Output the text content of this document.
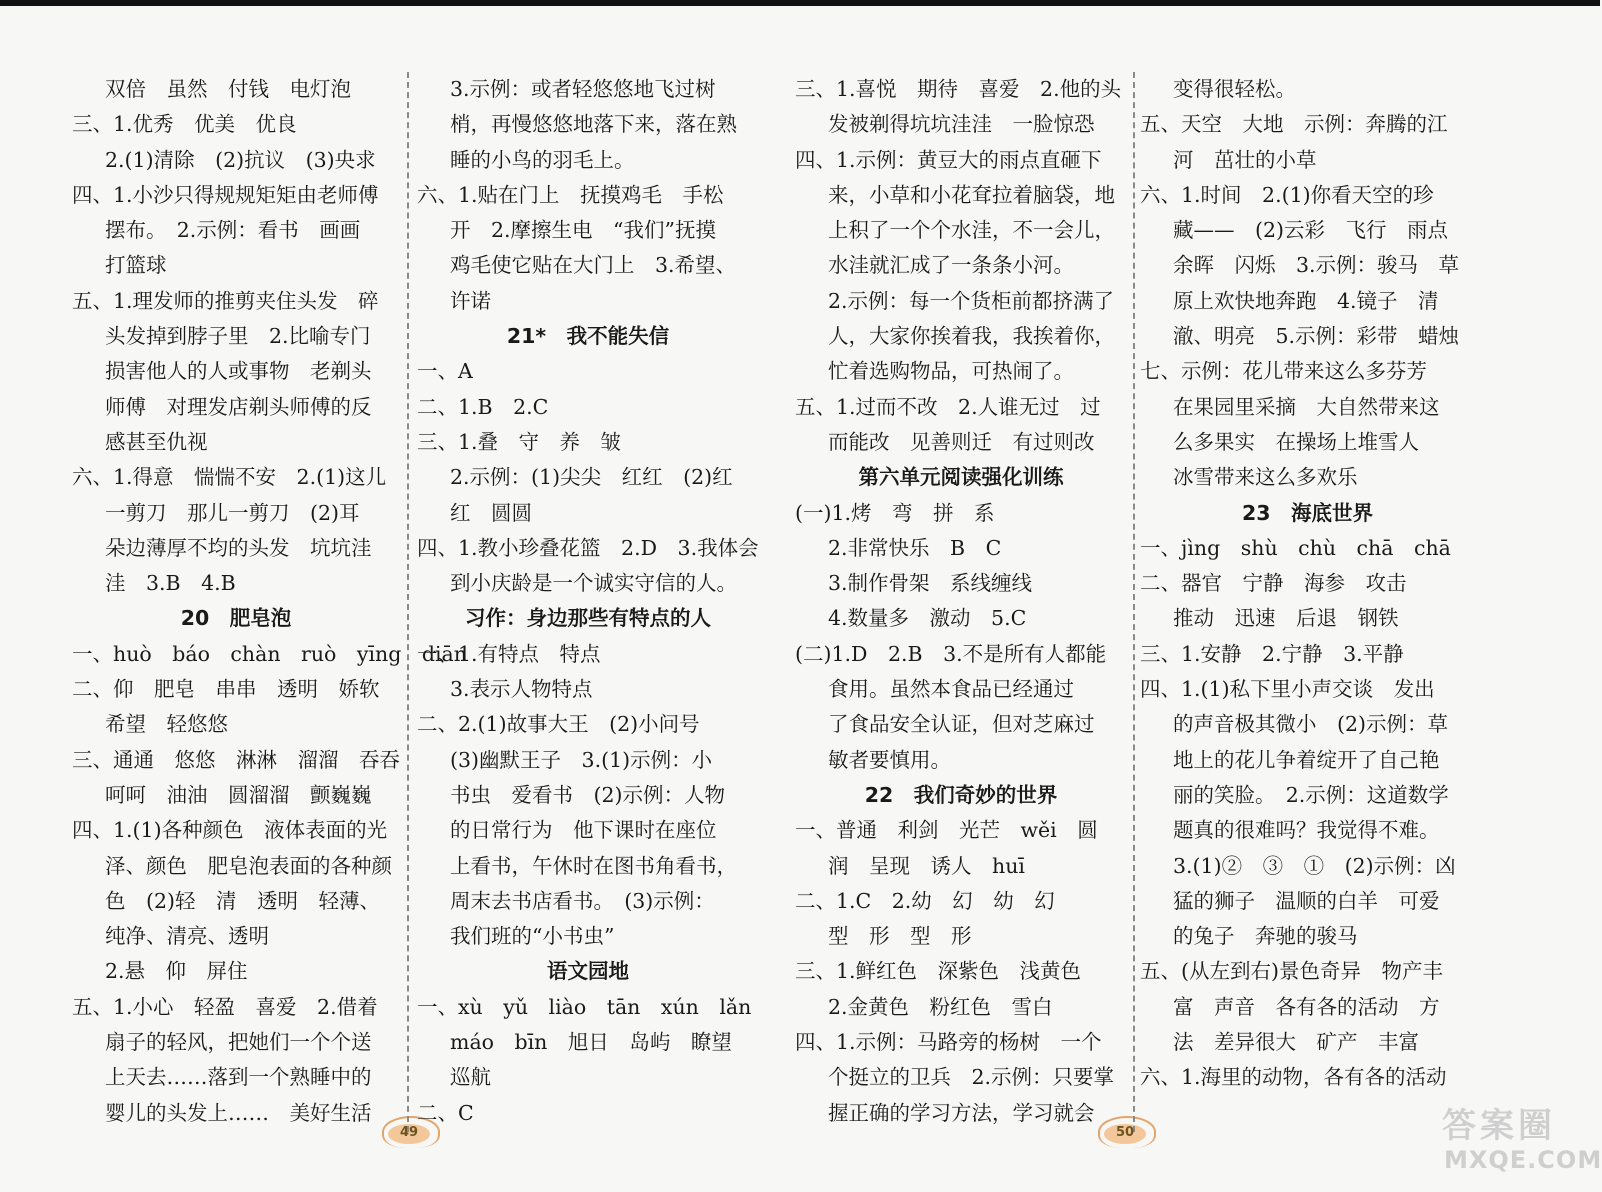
双倍　虽然　付钱　电灯泡
三、1.优秀　优美　优良
2.(1)清除　(2)抗议　(3)央求
四、1.小沙只得规规矩矩由老师傅
摆布。　2.示例：看书　画画
打篮球
五、1.理发师的推剪夹住头发　碎
头发掉到脖子里　2.比喻专门
损害他人的人或事物　老剃头
师傅　对理发店剃头师傅的反
感甚至仇视
六、1.得意　惴惴不安　2.(1)这儿
一剪刀　那儿一剪刀　(2)耳
朵边薄厚不均的头发　坑坑洼
洼　3.B　4.B
20　肥皂泡
一、huò　báo　chàn　ruò　yīng　diān
二、仰　肥皂　串串　透明　娇软
希望　轻悠悠
三、通通　悠悠　淋淋　溜溜　吞吞
呵呵　油油　圆溜溜　颤巍巍
四、1.(1)各种颜色　液体表面的光
泽、颜色　肥皂泡表面的各种颜
色　(2)轻　清　透明　轻薄、
纯净、清亮、透明
2.悬　仰　屏住
五、1.小心　轻盈　喜爱　2.借着
扇子的轻风，把她们一个个送
上天去……落到一个熟睡中的
婴儿的头发上……　美好生活
3.示例：或者轻悠悠地飞过树
梢，再慢悠悠地落下来，落在熟
睡的小鸟的羽毛上。
六、1.贴在门上　抚摸鸡毛　手松
开　2.摩擦生电　“我们”抚摸
鸡毛使它贴在大门上　3.希望、
许诺
21*　我不能失信
一、A
二、1.B　2.C
三、1.叠　守　养　皱
2.示例：(1)尖尖　红红　(2)红
红　圆圆
四、1.教小珍叠花篮　2.D　3.我体会
到小庆龄是一个诚实守信的人。
习作：身边那些有特点的人
一、1.有特点　特点
3.表示人物特点
二、2.(1)故事大王　(2)小问号
(3)幽默王子　3.(1)示例：小
书虫　爱看书　(2)示例：人物
的日常行为　他下课时在座位
上看书，午休时在图书角看书，
周末去书店看书。　(3)示例：
我们班的“小书虫”
语文园地
一、xù　yǔ　liào　tān　xún　lǎn
máo　bīn　旭日　岛屿　瞭望
巡航
二、C
三、1.喜悦　期待　喜爱　2.他的头
发被剃得坑坑洼洼　一脸惊恐
四、1.示例：黄豆大的雨点直砸下
来，小草和小花耷拉着脑袋，地
上积了一个个水洼，不一会儿，
水洼就汇成了一条条小河。
2.示例：每一个货柜前都挤满了
人，大家你挨着我，我挨着你，
忙着选购物品，可热闹了。
五、1.过而不改　2.人谁无过　过
而能改　见善则迁　有过则改
第六单元阅读强化训练
(一)1.烤　弯　拼　系
2.非常快乐　B　C
3.制作骨架　系线缠线
4.数量多　激动　5.C
(二)1.D　2.B　3.不是所有人都能
食用。虽然本食品已经通过
了食品安全认证，但对芝麻过
敏者要慎用。
22　我们奇妙的世界
一、普通　利剑　光芒　wěi　圆
润　呈现　诱人　huī
二、1.C　2.幼　幻　幼　幻
型　形　型　形
三、1.鲜红色　深紫色　浅黄色
2.金黄色　粉红色　雪白
四、1.示例：马路旁的杨树　一个
个挺立的卫兵　2.示例：只要掌
握正确的学习方法，学习就会
变得很轻松。
五、天空　大地　示例：奔腾的江
河　茁壮的小草
六、1.时间　2.(1)你看天空的珍
藏——　(2)云彩　飞行　雨点
余晖　闪烁　3.示例：骏马　草
原上欢快地奔跑　4.镜子　清
澈、明亮　5.示例：彩带　蜡烛
七、示例：花儿带来这么多芬芳
在果园里采摘　大自然带来这
么多果实　在操场上堆雪人
冰雪带来这么多欢乐
23　海底世界
一、jìng　shù　chù　chā　chā
二、器官　宁静　海参　攻击
推动　迅速　后退　钢铁
三、1.安静　2.宁静　3.平静
四、1.(1)私下里小声交谈　发出
的声音极其微小　(2)示例：草
地上的花儿争着绽开了自己艳
丽的笑脸。　2.示例：这道数学
题真的很难吗？我觉得不难。
3.(1)②　③　①　(2)示例：凶
猛的狮子　温顺的白羊　可爱
的兔子　奔驰的骏马
五、(从左到右)景色奇异　物产丰
富　声音　各有各的活动　方
法　差异很大　矿产　丰富
六、1.海里的动物，各有各的活动
49	50	答案圈
MXQE.COM
